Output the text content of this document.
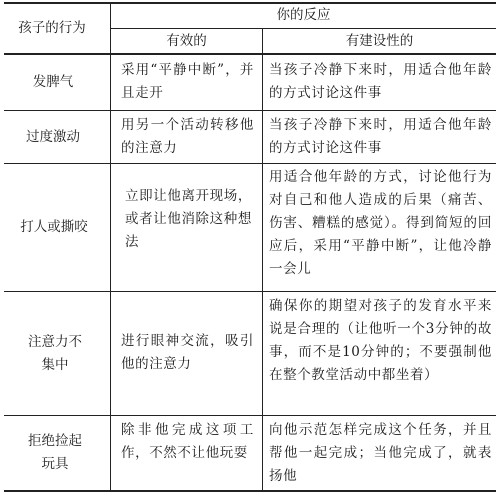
孩子的行为
你的反应
有效的	有建设性的
发脾气
采用“平静中断”，并且走开
当孩子冷静下来时，用适合他年龄的方式讨论这件事
过度激动
用另一个活动转移他的注意力
当孩子冷静下来时，用适合他年龄的方式讨论这件事
打人或撕咬
立即让他离开现场，或者让他消除这种想法
用适合他年龄的方式，讨论他行为对自己和他人造成的后果（痛苦、伤害、糟糕的感觉）。得到简短的回应后，采用“平静中断”，让他冷静一会儿
注意力不集中
进行眼神交流，吸引他的注意力
确保你的期望对孩子的发育水平来说是合理的（让他听一个3分钟的故事，而不是10分钟的；不要强制他在整个教堂活动中都坐着）
拒绝捡起玩具
除非他完成这项工作，不然不让他玩耍
向他示范怎样完成这个任务，并且帮他一起完成；当他完成了，就表扬他
